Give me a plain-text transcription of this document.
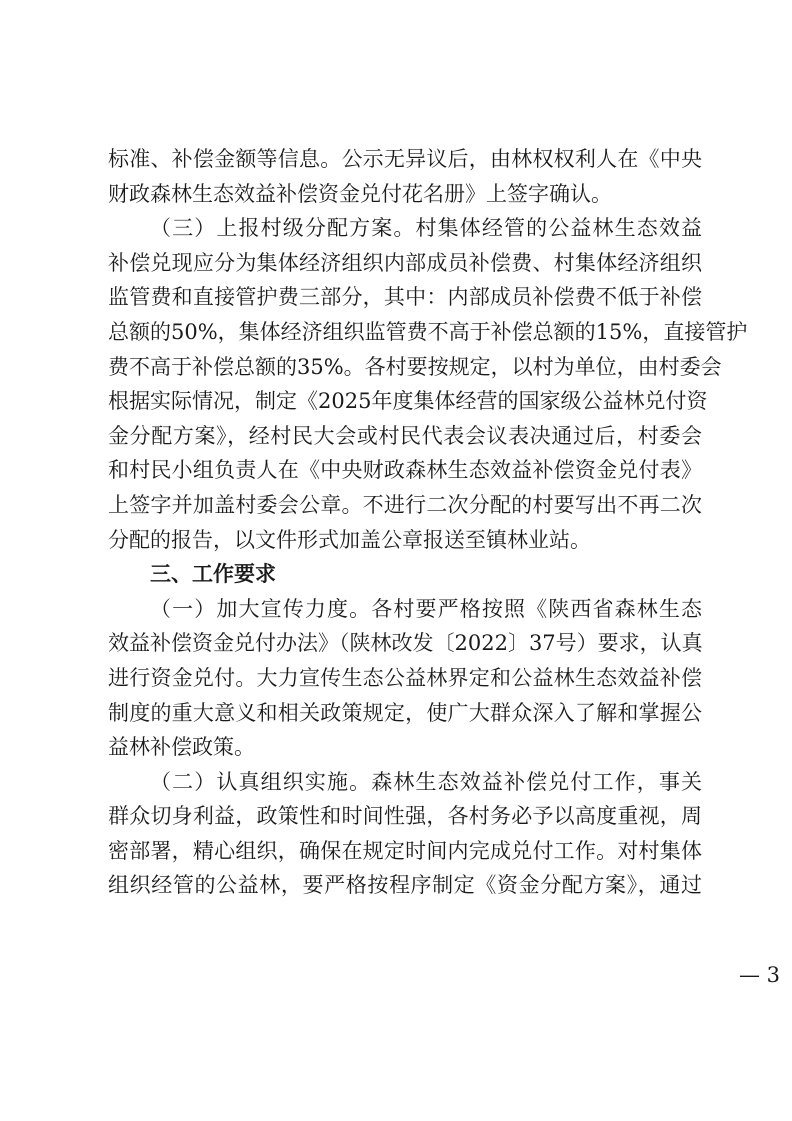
标准、补偿金额等信息。公示无异议后，由林权权利人在《中央
财政森林生态效益补偿资金兑付花名册》上签字确认。
（三）上报村级分配方案。村集体经管的公益林生态效益
补偿兑现应分为集体经济组织内部成员补偿费、村集体经济组织
监管费和直接管护费三部分，其中：内部成员补偿费不低于补偿
总额的50%，集体经济组织监管费不高于补偿总额的15%，直接管护
费不高于补偿总额的35%。各村要按规定，以村为单位，由村委会
根据实际情况，制定《2025年度集体经营的国家级公益林兑付资
金分配方案》，经村民大会或村民代表会议表决通过后，村委会
和村民小组负责人在《中央财政森林生态效益补偿资金兑付表》
上签字并加盖村委会公章。不进行二次分配的村要写出不再二次
分配的报告，以文件形式加盖公章报送至镇林业站。
三、工作要求
（一）加大宣传力度。各村要严格按照《陕西省森林生态
效益补偿资金兑付办法》（陕林改发〔2022〕37号）要求，认真
进行资金兑付。大力宣传生态公益林界定和公益林生态效益补偿
制度的重大意义和相关政策规定，使广大群众深入了解和掌握公
益林补偿政策。
（二）认真组织实施。森林生态效益补偿兑付工作，事关
群众切身利益，政策性和时间性强，各村务必予以高度重视，周
密部署，精心组织，确保在规定时间内完成兑付工作。对村集体
组织经管的公益林，要严格按程序制定《资金分配方案》，通过
— 3
